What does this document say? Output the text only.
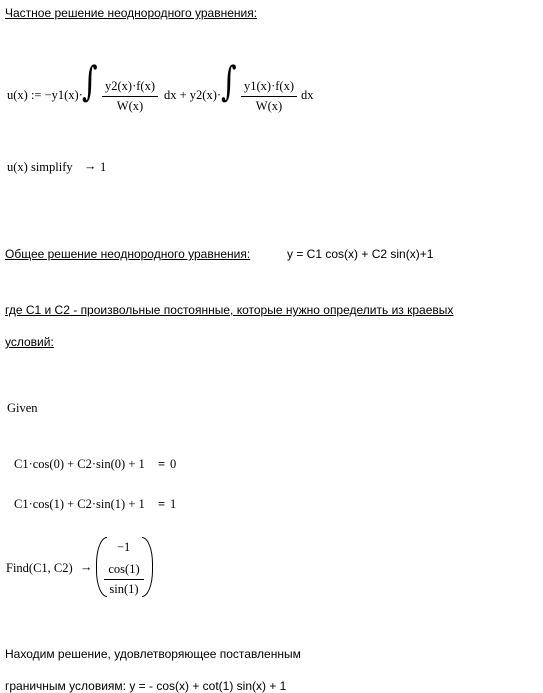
Частное решение неоднородного уравнения:
u(x) := −y1(x)· ∫ $\frac{y2(x)\cdot f(x)}{W(x)}$ dx + y2(x)· ∫ $\frac{y1(x)\cdot f(x)}{W(x)}$ dx
u(x) simplify → 1
Общее решение неоднородного уравнения:	y = C1 cos(x) + C2 sin(x)+1
где C1 и C2 - произвольные постоянные, которые нужно определить из краевых
условий:
Given
C1·cos(0) + C2·sin(0) + 1 = 0
C1·cos(1) + C2·sin(1) + 1 = 1
Find(C1, C2) →
−1
$\frac{\cos(1)}{\sin(1)}$
Находим решение, удовлетворяющее поставленным
граничным условиям: y = - cos(x) + cot(1) sin(x) + 1
